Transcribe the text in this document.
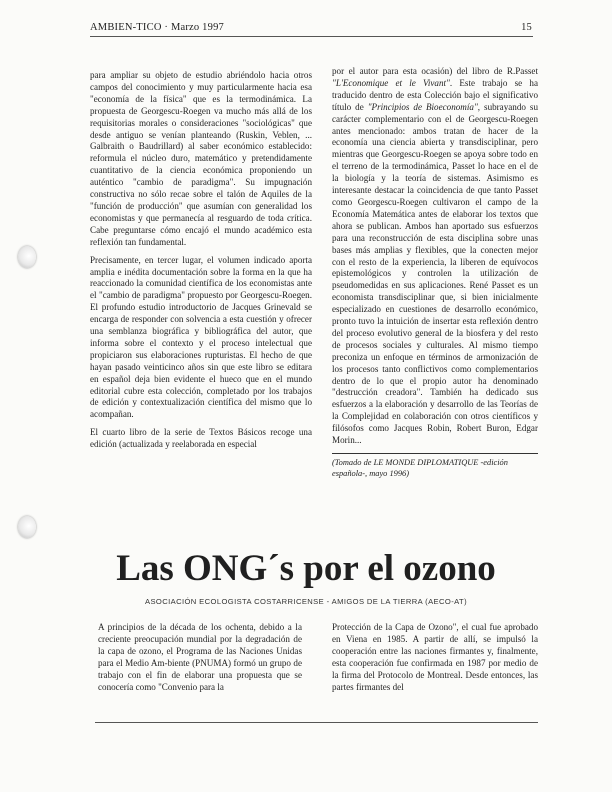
AMBIEN-TICO · Marzo 1997	15

para ampliar su objeto de estudio abriéndolo hacia otros campos del conocimiento y muy particularmente hacia esa "economía de la física" que es la termodinámica. La propuesta de Georgescu-Roegen va mucho más allá de los requisitorias morales o consideraciones "sociológicas" que desde antiguo se venían planteando (Ruskin, Veblen, ... Galbraith o Baudrillard) al saber económico establecido: reformula el núcleo duro, matemático y pretendidamente cuantitativo de la ciencia económica proponiendo un auténtico "cambio de paradigma". Su impugnación constructiva no sólo recae sobre el talón de Aquiles de la "función de producción" que asumían con generalidad los economistas y que permanecía al resguardo de toda crítica. Cabe preguntarse cómo encajó el mundo académico esta reflexión tan fundamental.

Precisamente, en tercer lugar, el volumen indicado aporta amplia e inédita documentación sobre la forma en la que ha reaccionado la comunidad científica de los economistas ante el "cambio de paradigma" propuesto por Georgescu-Roegen. El profundo estudio introductorio de Jacques Grinevald se encarga de responder con solvencia a esta cuestión y ofrecer una semblanza biográfica y bibliográfica del autor, que informa sobre el contexto y el proceso intelectual que propiciaron sus elaboraciones rupturistas. El hecho de que hayan pasado veinticinco años sin que este libro se editara en español deja bien evidente el hueco que en el mundo editorial cubre esta colección, completado por los trabajos de edición y contextualización científica del mismo que lo acompañan.

El cuarto libro de la serie de Textos Básicos recoge una edición (actualizada y reelaborada en especial

por el autor para esta ocasión) del libro de R.Passet "L'Economique et le Vivant". Este trabajo se ha traducido dentro de esta Colección bajo el significativo título de "Principios de Bioeconomía", subrayando su carácter complementario con el de Georgescu-Roegen antes mencionado: ambos tratan de hacer de la economía una ciencia abierta y transdisciplinar, pero mientras que Georgescu-Roegen se apoya sobre todo en el terreno de la termodinámica, Passet lo hace en el de la biología y la teoría de sistemas. Asimismo es interesante destacar la coincidencia de que tanto Passet como Georgescu-Roegen cultivaron el campo de la Economía Matemática antes de elaborar los textos que ahora se publican. Ambos han aportado sus esfuerzos para una reconstrucción de esta disciplina sobre unas bases más amplias y flexibles, que la conecten mejor con el resto de la experiencia, la liberen de equívocos epistemológicos y controlen la utilización de pseudomedidas en sus aplicaciones. René Passet es un economista transdisciplinar que, si bien inicialmente especializado en cuestiones de desarrollo económico, pronto tuvo la intuición de insertar esta reflexión dentro del proceso evolutivo general de la biosfera y del resto de procesos sociales y culturales. Al mismo tiempo preconiza un enfoque en términos de armonización de los procesos tanto conflictivos como complementarios dentro de lo que el propio autor ha denominado "destrucción creadora". También ha dedicado sus esfuerzos a la elaboración y desarrollo de las Teorías de la Complejidad en colaboración con otros científicos y filósofos como Jacques Robin, Robert Buron, Edgar Morin...

(Tomado de LE MONDE DIPLOMATIQUE -edición española-, mayo 1996)
Las ONG´s por el ozono
ASOCIACIÓN ECOLOGISTA COSTARRICENSE - AMIGOS DE LA TIERRA (AECO-AT)

A principios de la década de los ochenta, debido a la creciente preocupación mundial por la degradación de la capa de ozono, el Programa de las Naciones Unidas para el Medio Am-biente (PNUMA) formó un grupo de trabajo con el fin de elaborar una propuesta que se conocería como "Convenio para la

Protección de la Capa de Ozono", el cual fue aprobado en Viena en 1985. A partir de allí, se impulsó la cooperación entre las naciones firmantes y, finalmente, esta cooperación fue confirmada en 1987 por medio de la firma del Protocolo de Montreal. Desde entonces, las partes firmantes del
